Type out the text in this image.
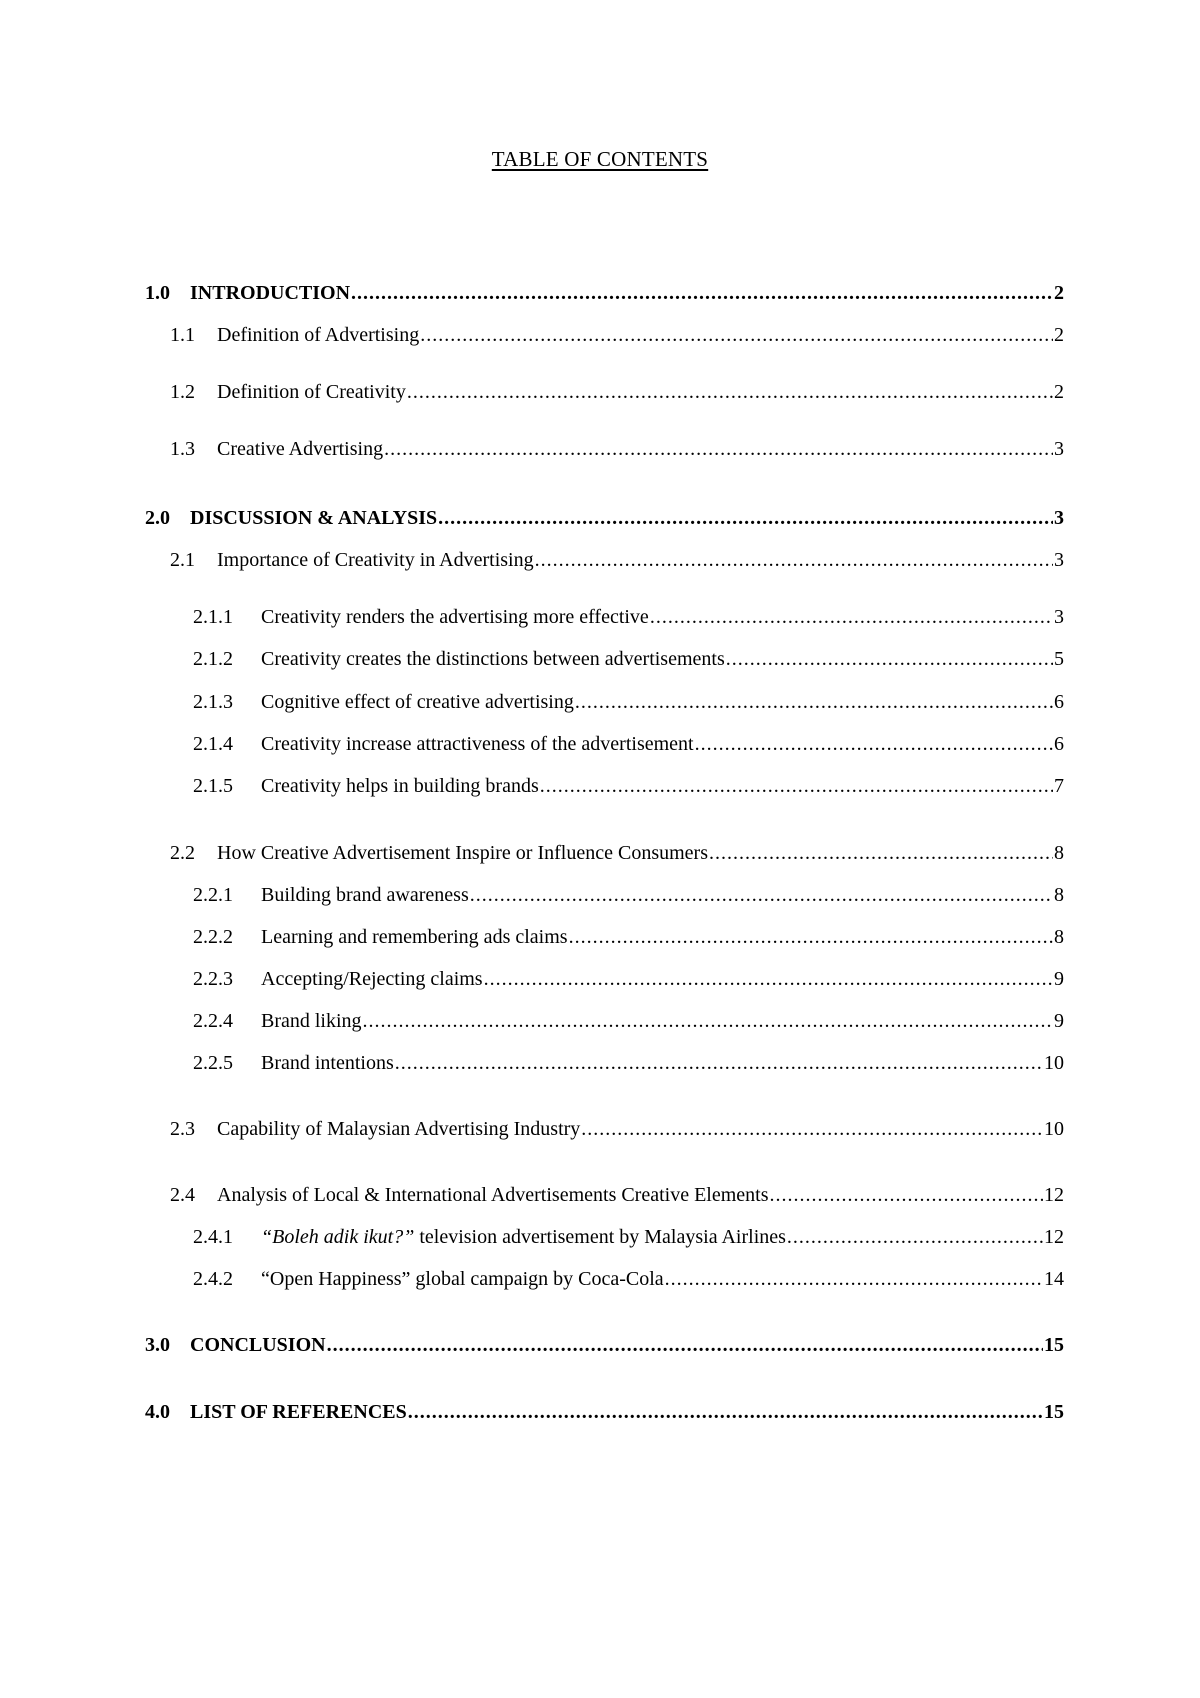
TABLE OF CONTENTS
1.0	INTRODUCTION .....	2
1.1	Definition of Advertising .....	2
1.2	Definition of Creativity .....	2
1.3	Creative Advertising .....	3
2.0	DISCUSSION & ANALYSIS .....	3
2.1	Importance of Creativity in Advertising .....	3
2.1.1	Creativity renders the advertising more effective .....	3
2.1.2	Creativity creates the distinctions between advertisements .....	5
2.1.3	Cognitive effect of creative advertising .....	6
2.1.4	Creativity increase attractiveness of the advertisement .....	6
2.1.5	Creativity helps in building brands .....	7
2.2	How Creative Advertisement Inspire or Influence Consumers .....	8
2.2.1	Building brand awareness .....	8
2.2.2	Learning and remembering ads claims .....	8
2.2.3	Accepting/Rejecting claims .....	9
2.2.4	Brand liking .....	9
2.2.5	Brand intentions .....	10
2.3	Capability of Malaysian Advertising Industry .....	10
2.4	Analysis of Local & International Advertisements Creative Elements .....	12
2.4.1	“Boleh adik ikut?” television advertisement by Malaysia Airlines .....	12
2.4.2	“Open Happiness” global campaign by Coca-Cola .....	14
3.0	CONCLUSION .....	15
4.0	LIST OF REFERENCES .....	15
